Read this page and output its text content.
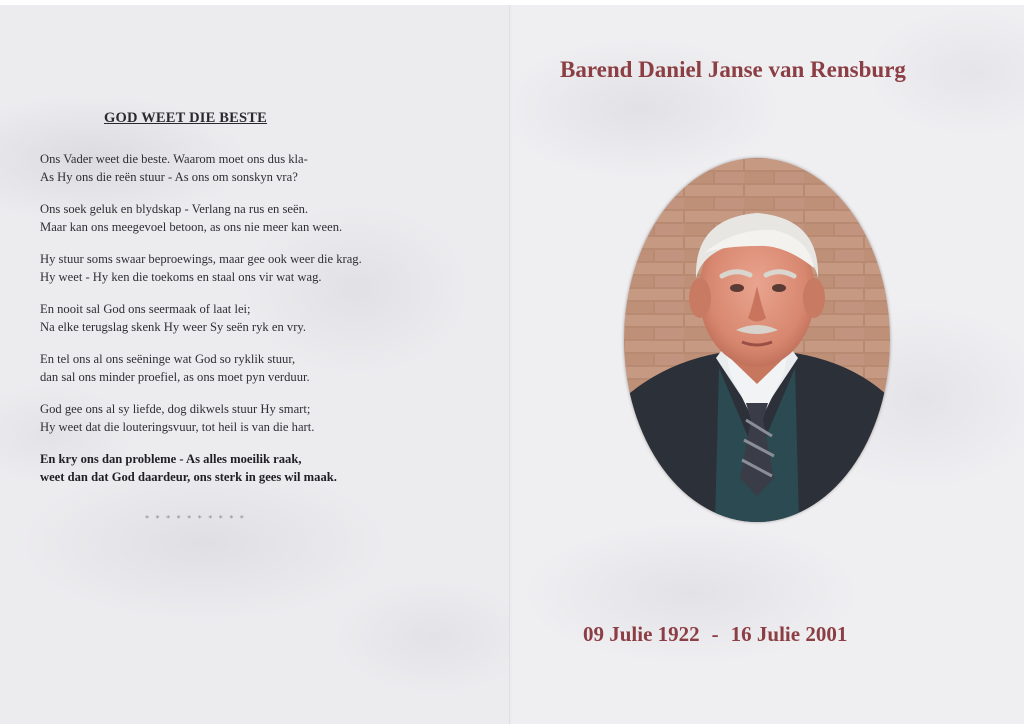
GOD WEET DIE BESTE
Ons Vader weet die beste. Waarom moet ons dus kla-
As Hy ons die reën stuur - As ons om sonskyn vra?
Ons soek geluk en blydskap - Verlang na rus en seën.
Maar kan ons meegevoel betoon, as ons nie meer kan ween.
Hy stuur soms swaar beproewings, maar gee ook weer die krag.
Hy weet - Hy ken die toekoms en staal ons vir wat wag.
En nooit sal God ons seermaak of laat lei;
Na elke terugslag skenk Hy weer Sy seën ryk en vry.
En tel ons al ons seëninge wat God so ryklik stuur,
dan sal ons minder proefiel, as ons moet pyn verduur.
God gee ons al sy liefde, dog dikwels stuur Hy smart;
Hy weet dat die louteringsvuur, tot heil is van die hart.
En kry ons dan probleme - As alles moeilik raak,
weet dan dat God daardeur, ons sterk in gees wil maak.
* * * * * * * * * *
Barend Daniel Janse van Rensburg
09 Julie 1922 - 16 Julie 2001
